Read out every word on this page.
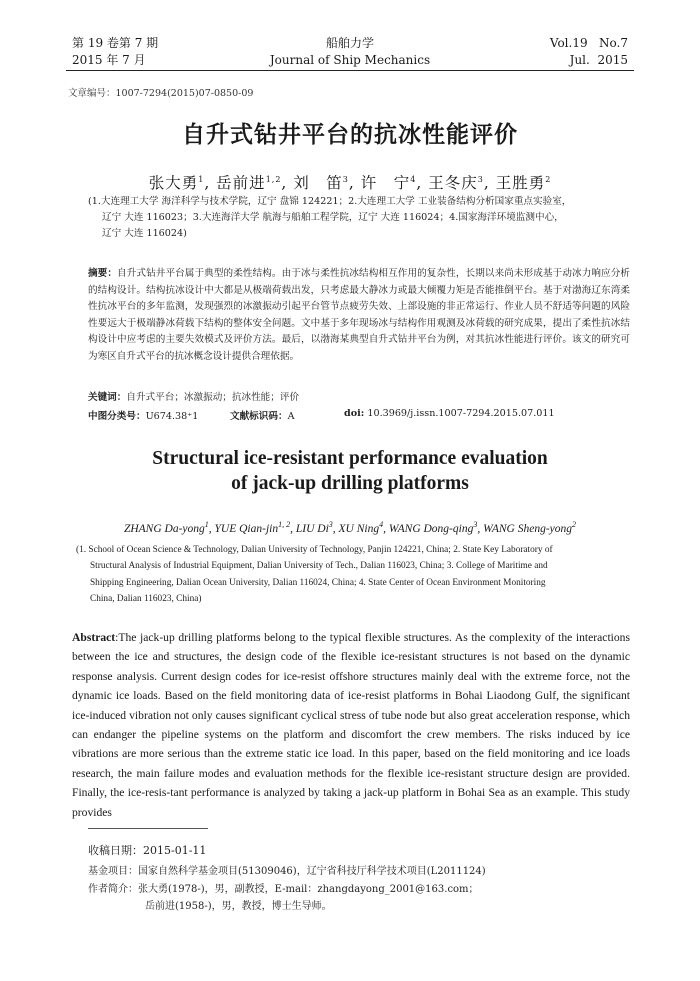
第 19 卷第 7 期
2015 年 7 月
船舶力学
Journal of Ship Mechanics
Vol.19   No.7
Jul.  2015
文章编号：1007-7294(2015)07-0850-09
自升式钻井平台的抗冰性能评价
张大勇$^1$, 岳前进$^{1,2}$, 刘　笛$^3$, 许　宁$^4$, 王冬庆$^3$, 王胜勇$^2$
(1.大连理工大学 海洋科学与技术学院，辽宁 盘锦 124221；2.大连理工大学 工业装备结构分析国家重点实验室，
辽宁 大连 116023；3.大连海洋大学 航海与船舶工程学院，辽宁 大连 116024；4.国家海洋环境监测中心，
辽宁 大连 116024)
摘要：自升式钻井平台属于典型的柔性结构。由于冰与柔性抗冰结构相互作用的复杂性，长期以来尚未形成基于动冰力响应分析的结构设计。结构抗冰设计中大都是从极端荷载出发，只考虑最大静冰力或最大倾覆力矩是否能推倒平台。基于对渤海辽东湾柔性抗冰平台的多年监测，发现强烈的冰激振动引起平台管节点疲劳失效、上部设施的非正常运行、作业人员不舒适等问题的风险性要远大于极端静冰荷载下结构的整体安全问题。文中基于多年现场冰与结构作用观测及冰荷载的研究成果，提出了柔性抗冰结构设计中应考虑的主要失效模式及评价方法。最后，以渤海某典型自升式钻井平台为例，对其抗冰性能进行评价。该文的研究可为寒区自升式平台的抗冰概念设计提供合理依据。
关键词：自升式平台；冰激振动；抗冰性能；评价
中图分类号：U674.38⁺1	文献标识码：A	doi: 10.3969/j.issn.1007-7294.2015.07.011
Structural ice-resistant performance evaluation
of jack-up drilling platforms
ZHANG Da-yong$^1$, YUE Qian-jin$^{1, 2}$, LIU Di$^3$, XU Ning$^4$, WANG Dong-qing$^3$, WANG Sheng-yong$^2$
(1. School of Ocean Science & Technology, Dalian University of Technology, Panjin 124221, China; 2. State Key Laboratory of
Structural Analysis of Industrial Equipment, Dalian University of Tech., Dalian 116023, China; 3. College of Maritime and
Shipping Engineering, Dalian Ocean University, Dalian 116024, China; 4. State Center of Ocean Environment Monitoring
China, Dalian 116023, China)
Abstract:The jack-up drilling platforms belong to the typical flexible structures. As the complexity of the interactions between the ice and structures, the design code of the flexible ice-resistant structures is not based on the dynamic response analysis. Current design codes for ice-resist offshore structures mainly deal with the extreme force, not the dynamic ice loads. Based on the field monitoring data of ice-resist platforms in Bohai Liaodong Gulf, the significant ice-induced vibration not only causes significant cyclical stress of tube node but also great acceleration response, which can endanger the pipeline systems on the platform and discomfort the crew members. The risks induced by ice vibrations are more serious than the extreme static ice load. In this paper, based on the field monitoring and ice loads research, the main failure modes and evaluation methods for the flexible ice-resistant structure design are provided. Finally, the ice-resis-tant performance is analyzed by taking a jack-up platform in Bohai Sea as an example. This study provides
收稿日期：2015-01-11
基金项目：国家自然科学基金项目(51309046)，辽宁省科技厅科学技术项目(L2011124)
作者简介：张大勇(1978-)，男，副教授，E-mail：zhangdayong_2001@163.com；
岳前进(1958-)，男，教授，博士生导师。
